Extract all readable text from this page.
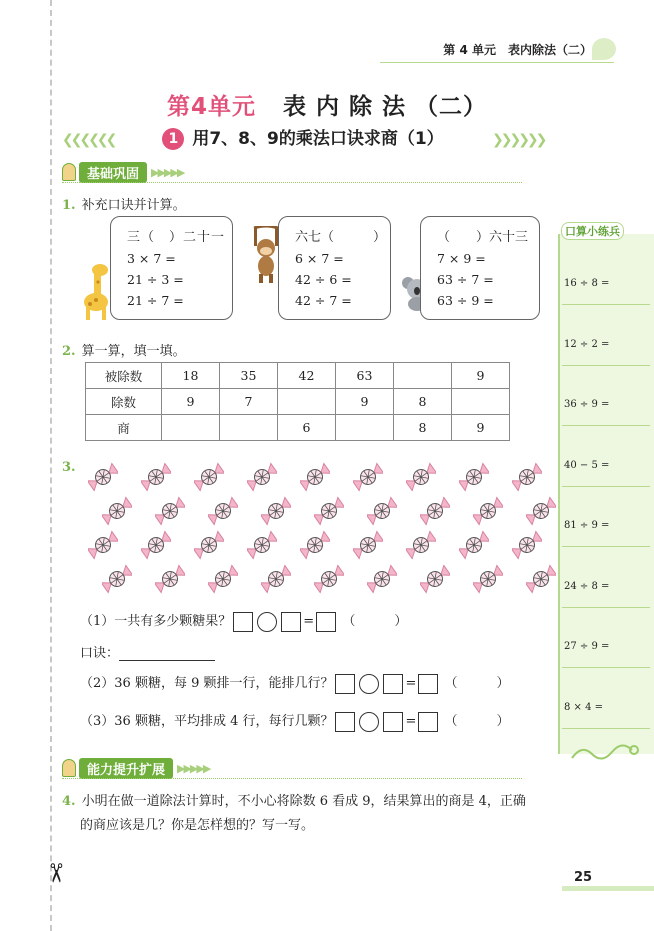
✂
第 4 单元　表内除法（二）
第4单元 表 内 除 法 （二）
❮❮❮❮❮❮	❯❯❯❯❯❯
1 用7、8、9的乘法口诀求商（1）
基础巩固	▶▶▶▶▶
1. 补充口诀并计算。
三（　）二十一
3 × 7 =
21 ÷ 3 =
21 ÷ 7 =
六七（　　　）
6 × 7 =
42 ÷ 6 =
42 ÷ 7 =
（　　）六十三
7 × 9 =
63 ÷ 7 =
63 ÷ 9 =
2. 算一算，填一填。
被除数	18	35	42	63		9
除数	9	7		9	8	
商			6		8	9
3.
（1）一共有多少颗糖果？	= （　　　）
口诀：
（2）36 颗糖，每 9 颗排一行，能排几行？	= （　　　）
（3）36 颗糖，平均排成 4 行，每行几颗？	= （　　　）
能力提升扩展	▶▶▶▶▶
4. 小明在做一道除法计算时，不小心将除数 6 看成 9，结果算出的商是 4，正确
的商应该是几？你是怎样想的？写一写。
口算小练兵
16 ÷ 8 =
12 ÷ 2 =
36 ÷ 9 =
40 − 5 =
81 ÷ 9 =
24 ÷ 8 =
27 ÷ 9 =
8 × 4 =
25
